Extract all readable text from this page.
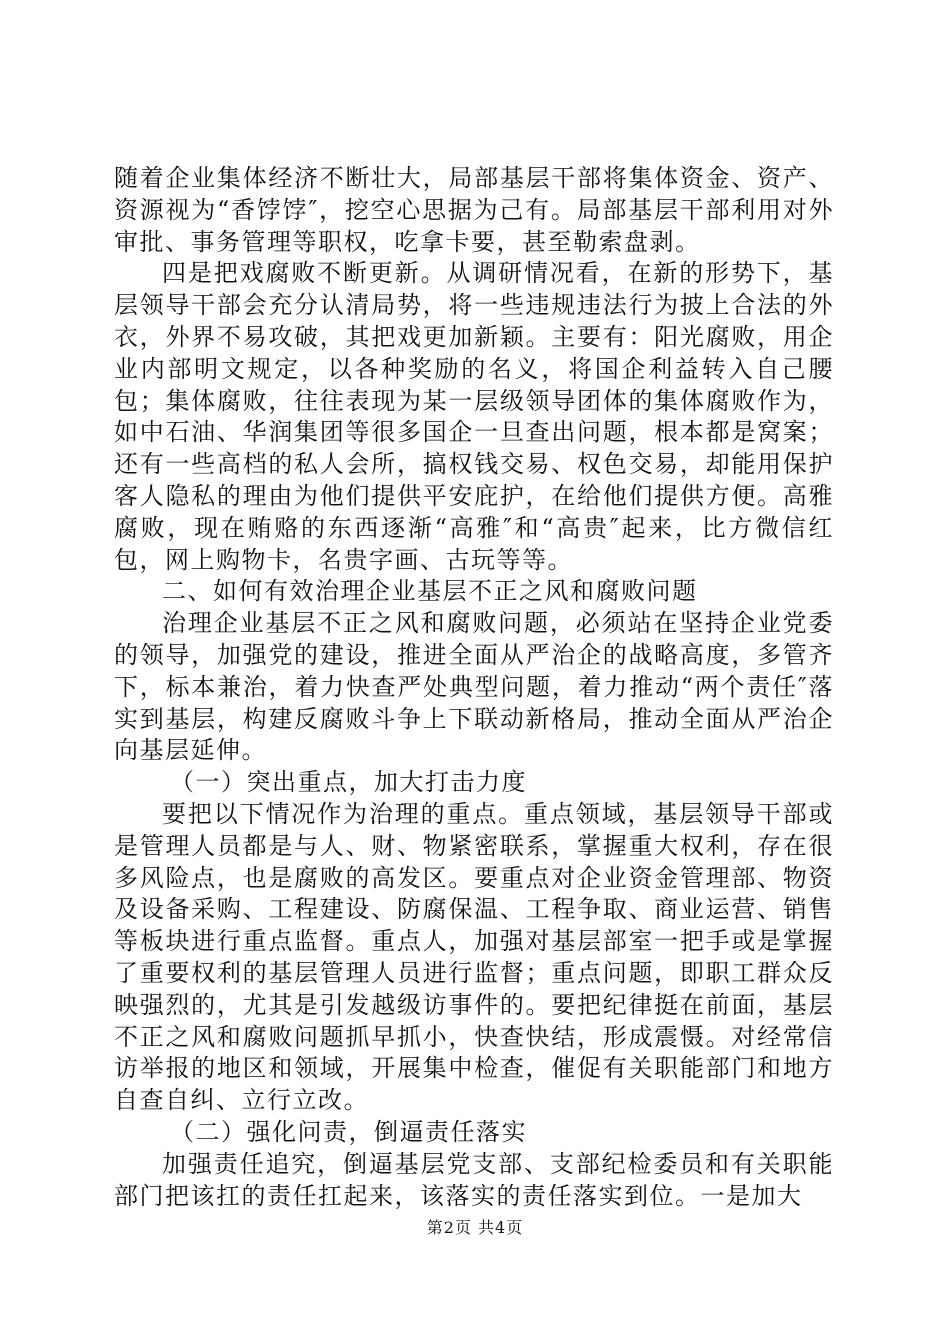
随着企业集体经济不断壮大，局部基层干部将集体资金、资产、资源视为“香饽饽″，挖空心思据为己有。局部基层干部利用对外审批、事务管理等职权，吃拿卡要，甚至勒索盘剥。

四是把戏腐败不断更新。从调研情况看，在新的形势下，基层领导干部会充分认清局势，将一些违规违法行为披上合法的外衣，外界不易攻破，其把戏更加新颖。主要有：阳光腐败，用企业内部明文规定，以各种奖励的名义，将国企利益转入自己腰包；集体腐败，往往表现为某一层级领导团体的集体腐败作为，如中石油、华润集团等很多国企一旦查出问题，根本都是窝案；还有一些高档的私人会所，搞权钱交易、权色交易，却能用保护客人隐私的理由为他们提供平安庇护，在给他们提供方便。高雅腐败，现在贿赂的东西逐渐“高雅″和“高贵″起来，比方微信红包，网上购物卡，名贵字画、古玩等等。

二、如何有效治理企业基层不正之风和腐败问题

治理企业基层不正之风和腐败问题，必须站在坚持企业党委的领导，加强党的建设，推进全面从严治企的战略高度，多管齐下，标本兼治，着力快查严处典型问题，着力推动“两个责任″落实到基层，构建反腐败斗争上下联动新格局，推动全面从严治企向基层延伸。

（一）突出重点，加大打击力度

要把以下情况作为治理的重点。重点领域，基层领导干部或是管理人员都是与人、财、物紧密联系，掌握重大权利，存在很多风险点，也是腐败的高发区。要重点对企业资金管理部、物资及设备采购、工程建设、防腐保温、工程争取、商业运营、销售等板块进行重点监督。重点人，加强对基层部室一把手或是掌握了重要权利的基层管理人员进行监督；重点问题，即职工群众反映强烈的，尤其是引发越级访事件的。要把纪律挺在前面，基层不正之风和腐败问题抓早抓小，快查快结，形成震慑。对经常信访举报的地区和领域，开展集中检查，催促有关职能部门和地方自查自纠、立行立改。

（二）强化问责，倒逼责任落实

加强责任追究，倒逼基层党支部、支部纪检委员和有关职能部门把该扛的责任扛起来，该落实的责任落实到位。一是加大

第2页 共4页
